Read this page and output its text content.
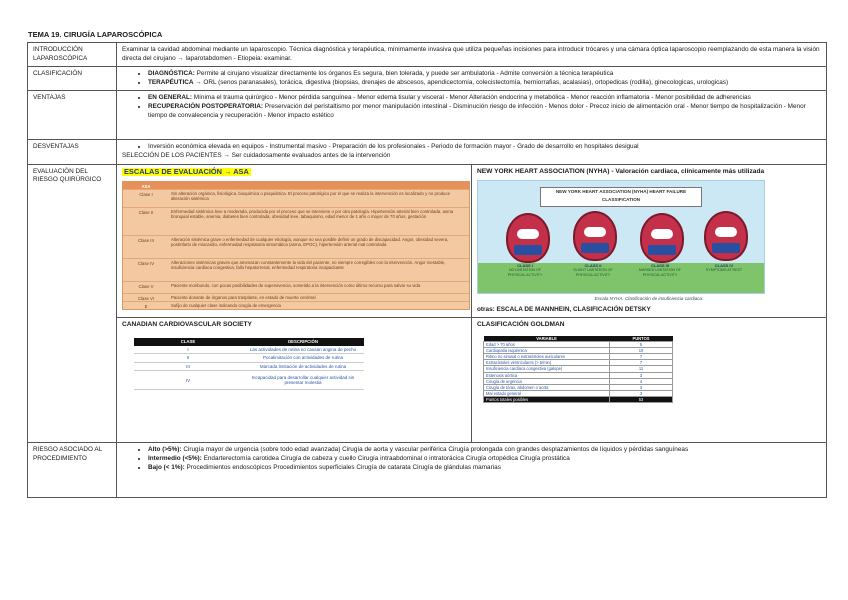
TEMA 19. CIRUGÍA LAPAROSCÓPICA
INTRODUCCIÓN LAPAROSCÓPICA	Examinar la cavidad abdominal mediante un laparoscopio. Técnica diagnóstica y terapéutica, mínimamente invasiva que utiliza pequeñas incisiones para introducir trócares y una cámara óptica laparoscopio reemplazando de esta manera la visión directa del cirujano → laparotabdomen - Etiopeia: examinar.
CLASIFICACIÓN	
•DIAGNÓSTICA: Permite al cirujano visualizar directamente los órganos Es segura, bien tolerada, y puede ser ambulatoria - Admite conversión a técnica terapéutica
• TERAPÉUTICA → ORL (senos paranasales), torácica, digestiva (biopsias, drenajes de abscesos, apendicectomía, colecistectomía, herniorrafias, acalasias), ortopedicas (rodilla), ginecologicas, urologicas)

VENTAJAS	
•EN GENERAL: Mínima el trauma quirúrgico - Menor pérdida sanguínea - Menor edema tisular y visceral - Menor Alteración endocrina y metabólica - Menor reacción inflamatoria - Menor posibilidad de adherencias
• RECUPERACIÓN POSTOPERATORIA: Preservación del peristaltismo por menor manipulación intestinal - Disminución riesgo de infección - Menos dolor - Precoz inicio de alimentación oral - Menor tiempo de hospitalización - Menor tiempo de convalecencia y recuperación - Menor impacto estético

DESVENTAJAS	
•Inversión económica elevada en equipos - Instrumental masivo - Preparación de los profesionales - Periodo de formación mayor - Grado de desarrollo en hospitales desigual
SELECCIÓN DE LOS PACIENTES → Ser cuidadosamente evaluados antes de la intervención

EVALUACIÓN DEL RIESGO QUIRÚRGICO	ESCALAS DE EVALUACIÓN → ASA
ASA
Clase I	Sin alteración orgánica, fisiológica, bioquímica o psiquiátrica. El proceso patológico por el que se realiza la intervención es localizado y no produce alteración sistémica
Clase II	Enfermedad sistémica leve a moderada, producida por el proceso que se interviene o por otra patología. Hipertensión arterial bien controlada, asma bronquial estable, anemia, diabetes bien controlada, obesidad leve, tabaquismo, edad menor de 1 año o mayor de 70 años, gestación
Clase III	Alteración sistémica grave o enfermedad de cualquier etiología, aunque no sea posible definir un grado de discapacidad. Angor, obesidad severa, postinfarto de miocardio, enfermedad respiratoria sintomática (asma, EPOC), hipertensión arterial mal controlada
Clase IV	Alteraciones sistémicas graves que amenazan constantemente la vida del paciente, no siempre corregibles con la intervención. Angor inestable, insuficiencia cardíaca congestiva, fallo hepatorrenal, enfermedad respiratoria incapacitante
Clase V	Paciente moribundo, con pocas posibilidades de supervivencia, sometido a la intervención como último recurso para salvar su vida
Clase VI	Paciente donante de órganos para trasplante, en estado de muerte cerebral
E	Sufijo de cualquier clase indicando cirugía de emergencia

NEW YORK HEART ASSOCIATION (NYHA) - Valoración cardiaca, clínicamente más utilizada
NEW YORK HEART ASSOCIATION (NYHA) HEART FAILURE CLASSIFICATION
CLASS I
NO LIMITATION OF PHYSICAL ACTIVITY
CLASS II
SLIGHT LIMITATION OF PHYSICAL ACTIVITY
CLASS III
MARKED LIMITATION OF PHYSICAL ACTIVITY
CLASS IV
SYMPTOMS AT REST
Escala NYHA. Clasificación de insuficiencia cardiaca.
otras: ESCALA DE MANNHEIN, CLASIFICACIÓN DETSKY

CANADIAN CARDIOVASCULAR SOCIETY
CLASE	DESCRIPCIÓN
I	Las actividades de rutina no causan angina de pecho
II	Pocalimitación con actividades de rutina
III	Marcada limitación de actividades de rutina
IV	Incapacidad para desarrollar cualquier actividad sin presentar molestia

CLASIFICACIÓN GOLDMAN
VARIABLE	PUNTOS
Edad > 70 años	5
Cardiopatía isquémica	10
Ritmo no sinusal o extrasístoles auriculares	7
Extrasístoles ventriculares (> 5/min)	7
Insuficiencia cardíaca congestiva (galope)	11
Estenosis aórtica	3
Cirugía de urgencia	4
Cirugía de tórax, abdomen o aorta	3
Mal estado general	3
Puntos totales posibles	53

RIESGO ASOCIADO AL PROCEDIMIENTO	
• Alto (>5%): Cirugía mayor de urgencia (sobre todo edad avanzada) Cirugía de aorta y vascular periférica Cirugía prolongada con grandes desplazamientos de líquidos y pérdidas sanguíneas
• Intermedio (<5%): Endarterectomía carotidea Cirugía de cabeza y cuello Cirugía intraabdominal o intratorácica Cirugía ortopédica Cirugía prostática
• Bajo (< 1%): Procedimientos endoscópicos Procedimientos superficiales Cirugía de catarata Cirugía de glándulas mamarias
